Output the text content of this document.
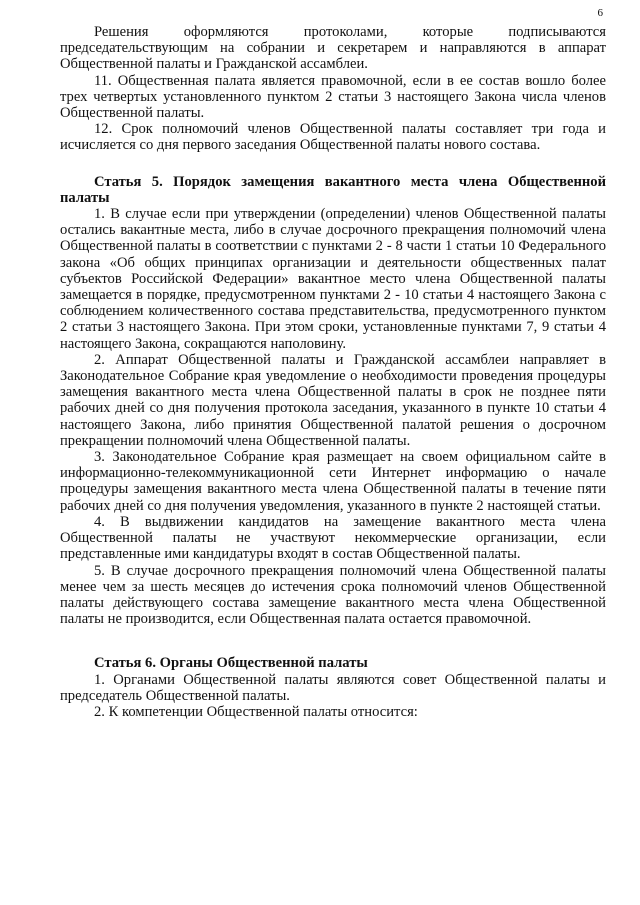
6

Решения оформляются протоколами, которые подписываются председательствующим на собрании и секретарем и направляются в аппарат Общественной палаты и Гражданской ассамблеи.

11. Общественная палата является правомочной, если в ее состав вошло более трех четвертых установленного пунктом 2 статьи 3 настоящего Закона числа членов Общественной палаты.

12. Срок полномочий членов Общественной палаты составляет три года и исчисляется со дня первого заседания Общественной палаты нового состава.

Статья 5. Порядок замещения вакантного места члена Общественной палаты

1. В случае если при утверждении (определении) членов Общественной палаты остались вакантные места, либо в случае досрочного прекращения полномочий члена Общественной палаты в соответствии с пунктами 2 - 8 части 1 статьи 10 Федерального закона «Об общих принципах организации и деятельности общественных палат субъектов Российской Федерации» вакантное место члена Общественной палаты замещается в порядке, предусмотренном пунктами 2 - 10 статьи 4 настоящего Закона с соблюдением количественного состава представительства, предусмотренного пунктом 2 статьи 3 настоящего Закона. При этом сроки, установленные пунктами 7, 9 статьи 4 настоящего Закона, сокращаются наполовину.

2. Аппарат Общественной палаты и Гражданской ассамблеи направляет в Законодательное Собрание края уведомление о необходимости проведения процедуры замещения вакантного места члена Общественной палаты в срок не позднее пяти рабочих дней со дня получения протокола заседания, указанного в пункте 10 статьи 4 настоящего Закона, либо принятия Общественной палатой решения о досрочном прекращении полномочий члена Общественной палаты.

3. Законодательное Собрание края размещает на своем официальном сайте в информационно-телекоммуникационной сети Интернет информацию о начале процедуры замещения вакантного места члена Общественной палаты в течение пяти рабочих дней со дня получения уведомления, указанного в пункте 2 настоящей статьи.

4. В выдвижении кандидатов на замещение вакантного места члена Общественной палаты не участвуют некоммерческие организации, если представленные ими кандидатуры входят в состав Общественной палаты.

5. В случае досрочного прекращения полномочий члена Общественной палаты менее чем за шесть месяцев до истечения срока полномочий членов Общественной палаты действующего состава замещение вакантного места члена Общественной палаты не производится, если Общественная палата остается правомочной.

Статья 6. Органы Общественной палаты

1. Органами Общественной палаты являются совет Общественной палаты и председатель Общественной палаты.

2. К компетенции Общественной палаты относится:
